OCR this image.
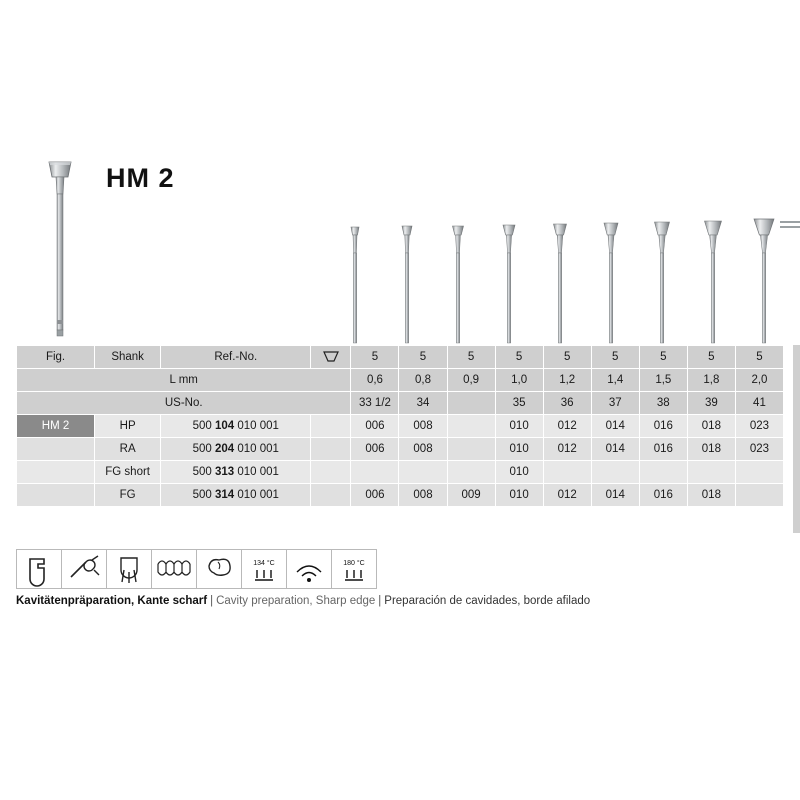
HM 2
Fig.	Shank	Ref.-No.		5	5	5	5	5	5	5	5	5
L mm				0,6	0,8	0,9	1,0	1,2	1,4	1,5	1,8	2,0
US-No.				33 1/2	34		35	36	37	38	39	41
HM 2	HP	500 104 010 001		006	008		010	012	014	016	018	023
	RA	500 204 010 001		006	008		010	012	014	016	018	023
	FG short	500 313 010 001					010					
	FG	500 314 010 001		006	008	009	010	012	014	016	018	
134 °C	180 °C
Kavitätenpräparation, Kante scharf | Cavity preparation, Sharp edge | Preparación de cavidades, borde afilado
